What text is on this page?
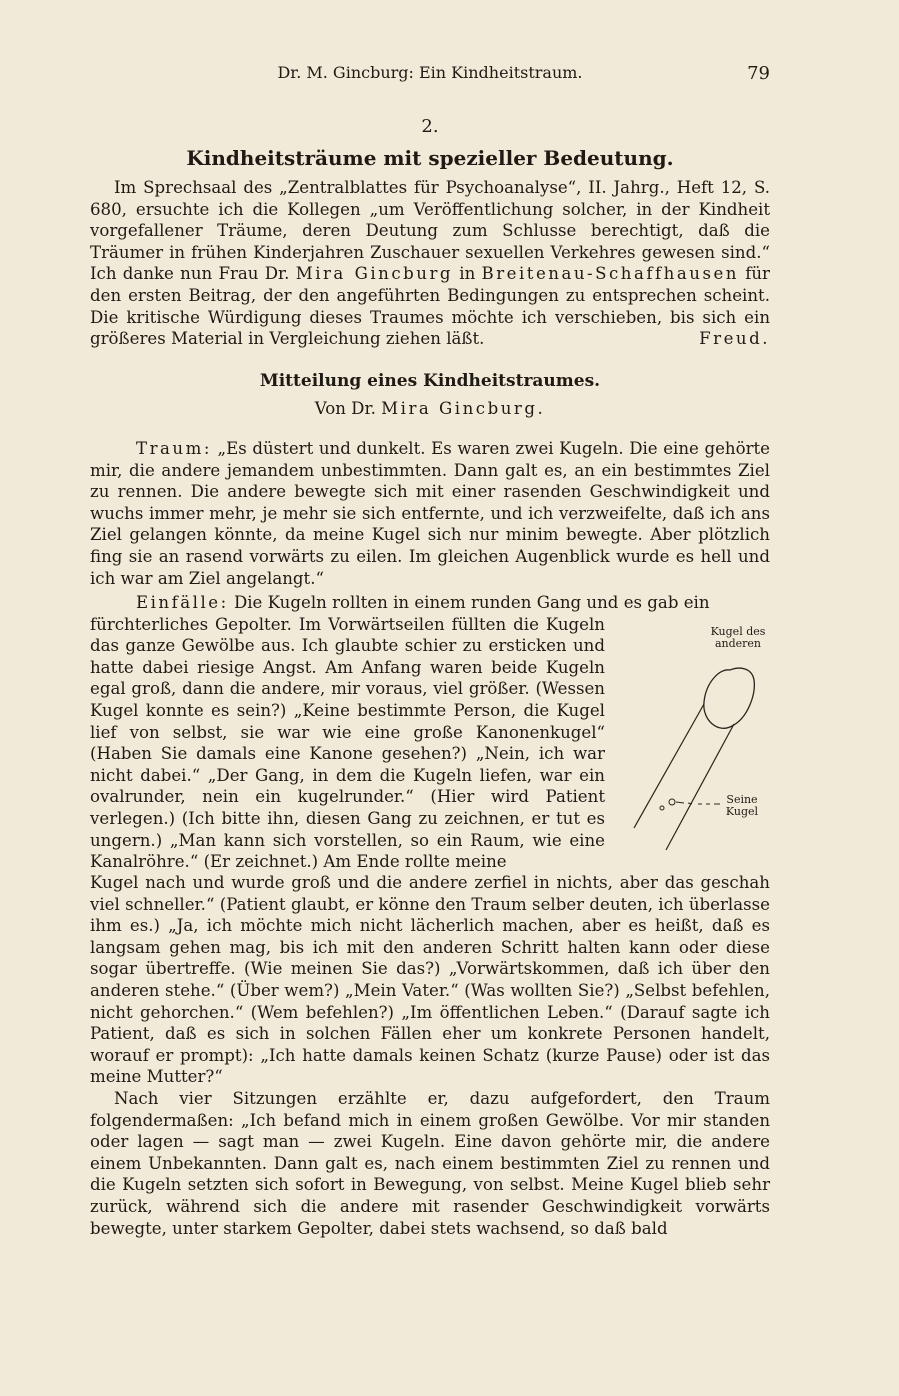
Dr. M. Gincburg: Ein Kindheitstraum.	79
2.
Kindheitsträume mit spezieller Bedeutung.

Im Sprechsaal des „Zentralblattes für Psychoanalyse“, II. Jahrg., Heft 12, S. 680, ersuchte ich die Kollegen „um Veröffentlichung solcher, in der Kindheit vorgefallener Träume, deren Deutung zum Schlusse berechtigt, daß die Träumer in frühen Kinderjahren Zuschauer sexuellen Verkehres gewesen sind.“ Ich danke nun Frau Dr. Mira Gincburg in Breitenau-Schaffhausen für den ersten Beitrag, der den angeführten Bedingungen zu entsprechen scheint. Die kritische Würdigung dieses Traumes möchte ich verschieben, bis sich ein größeres Material in Vergleichung ziehen läßt.	Freud.

Mitteilung eines Kindheitstraumes.
Von Dr. Mira Gincburg.

Traum: „Es düstert und dunkelt. Es waren zwei Kugeln. Die eine gehörte mir, die andere jemandem unbestimmten. Dann galt es, an ein bestimmtes Ziel zu rennen. Die andere bewegte sich mit einer rasenden Geschwindigkeit und wuchs immer mehr, je mehr sie sich entfernte, und ich verzweifelte, daß ich ans Ziel gelangen könnte, da meine Kugel sich nur minim bewegte. Aber plötzlich fing sie an rasend vorwärts zu eilen. Im gleichen Augenblick wurde es hell und ich war am Ziel angelangt.“

Einfälle: Die Kugeln rollten in einem runden Gang und es gab ein

fürchterliches Gepolter. Im Vorwärtseilen füllten die Kugeln das ganze Gewölbe aus. Ich glaubte schier zu ersticken und hatte dabei riesige Angst. Am Anfang waren beide Kugeln egal groß, dann die andere, mir voraus, viel größer. (Wessen Kugel konnte es sein?) „Keine bestimmte Person, die Kugel lief von selbst, sie war wie eine große Kanonenkugel“ (Haben Sie damals eine Kanone gesehen?) „Nein, ich war nicht dabei.“ „Der Gang, in dem die Kugeln liefen, war ein ovalrunder, nein ein kugelrunder.“ (Hier wird Patient verlegen.) (Ich bitte ihn, diesen Gang zu zeichnen, er tut es ungern.) „Man kann sich vorstellen, so ein Raum, wie eine Kanalröhre.“ (Er zeichnet.) Am Ende rollte meine

Kugel des
anderen
Seine
Kugel

Kugel nach und wurde groß und die andere zerfiel in nichts, aber das geschah viel schneller.“ (Patient glaubt, er könne den Traum selber deuten, ich überlasse ihm es.) „Ja, ich möchte mich nicht lächerlich machen, aber es heißt, daß es langsam gehen mag, bis ich mit den anderen Schritt halten kann oder diese sogar übertreffe. (Wie meinen Sie das?) „Vorwärtskommen, daß ich über den anderen stehe.“ (Über wem?) „Mein Vater.“ (Was wollten Sie?) „Selbst befehlen, nicht gehorchen.“ (Wem befehlen?) „Im öffentlichen Leben.“ (Darauf sagte ich Patient, daß es sich in solchen Fällen eher um konkrete Personen handelt, worauf er prompt): „Ich hatte damals keinen Schatz (kurze Pause) oder ist das meine Mutter?“

Nach vier Sitzungen erzählte er, dazu aufgefordert, den Traum folgendermaßen: „Ich befand mich in einem großen Gewölbe. Vor mir standen oder lagen — sagt man — zwei Kugeln. Eine davon gehörte mir, die andere einem Unbekannten. Dann galt es, nach einem bestimmten Ziel zu rennen und die Kugeln setzten sich sofort in Bewegung, von selbst. Meine Kugel blieb sehr zurück, während sich die andere mit rasender Geschwindigkeit vorwärts bewegte, unter starkem Gepolter, dabei stets wachsend, so daß bald
